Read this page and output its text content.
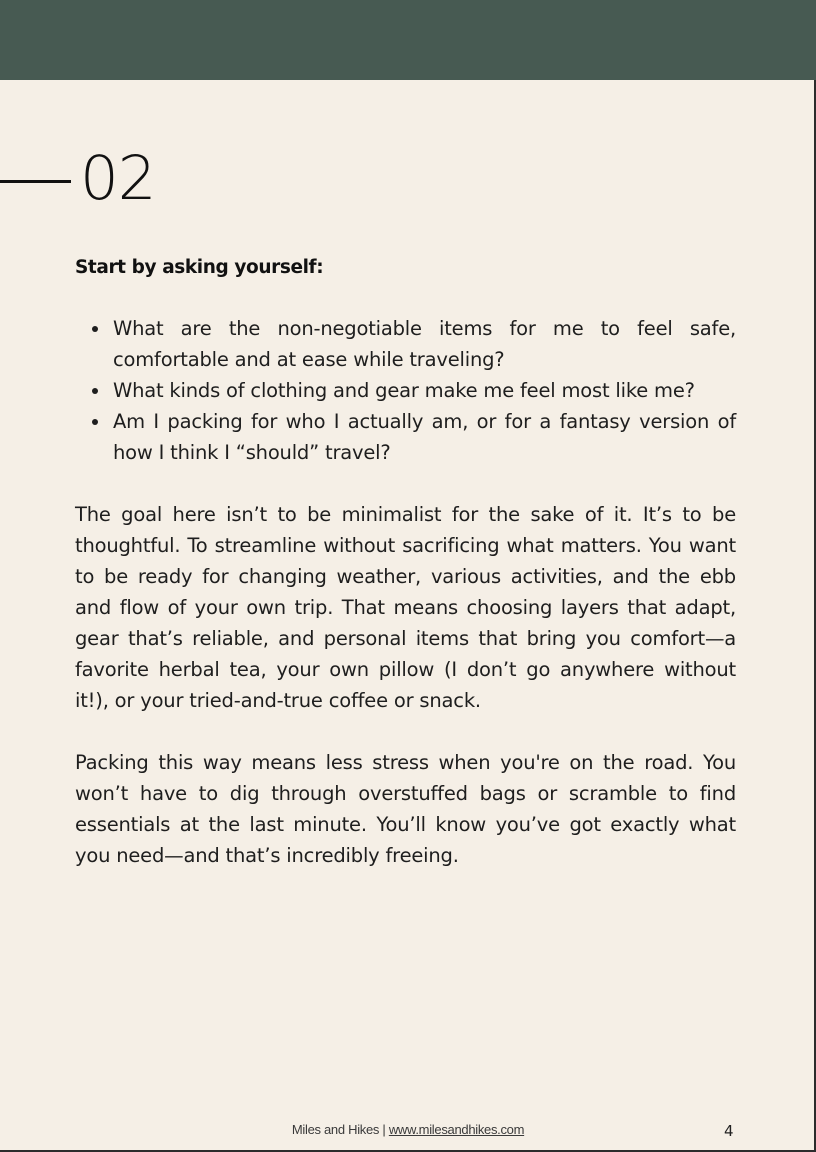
02

Start by asking yourself:

What are the non-negotiable items for me to feel safe, comfortable and at ease while traveling?
What kinds of clothing and gear make me feel most like me?
Am I packing for who I actually am, or for a fantasy version of how I think I “should” travel?

The goal here isn’t to be minimalist for the sake of it. It’s to be thoughtful. To streamline without sacrificing what matters. You want to be ready for changing weather, various activities, and the ebb and flow of your own trip. That means choosing layers that adapt, gear that’s reliable, and personal items that bring you comfort—a favorite herbal tea, your own pillow (I don’t go anywhere without it!), or your tried-and-true coffee or snack.

Packing this way means less stress when you're on the road. You won’t have to dig through overstuffed bags or scramble to find essentials at the last minute. You’ll know you’ve got exactly what you need—and that’s incredibly freeing.

Miles and Hikes | www.milesandhikes.com	4
